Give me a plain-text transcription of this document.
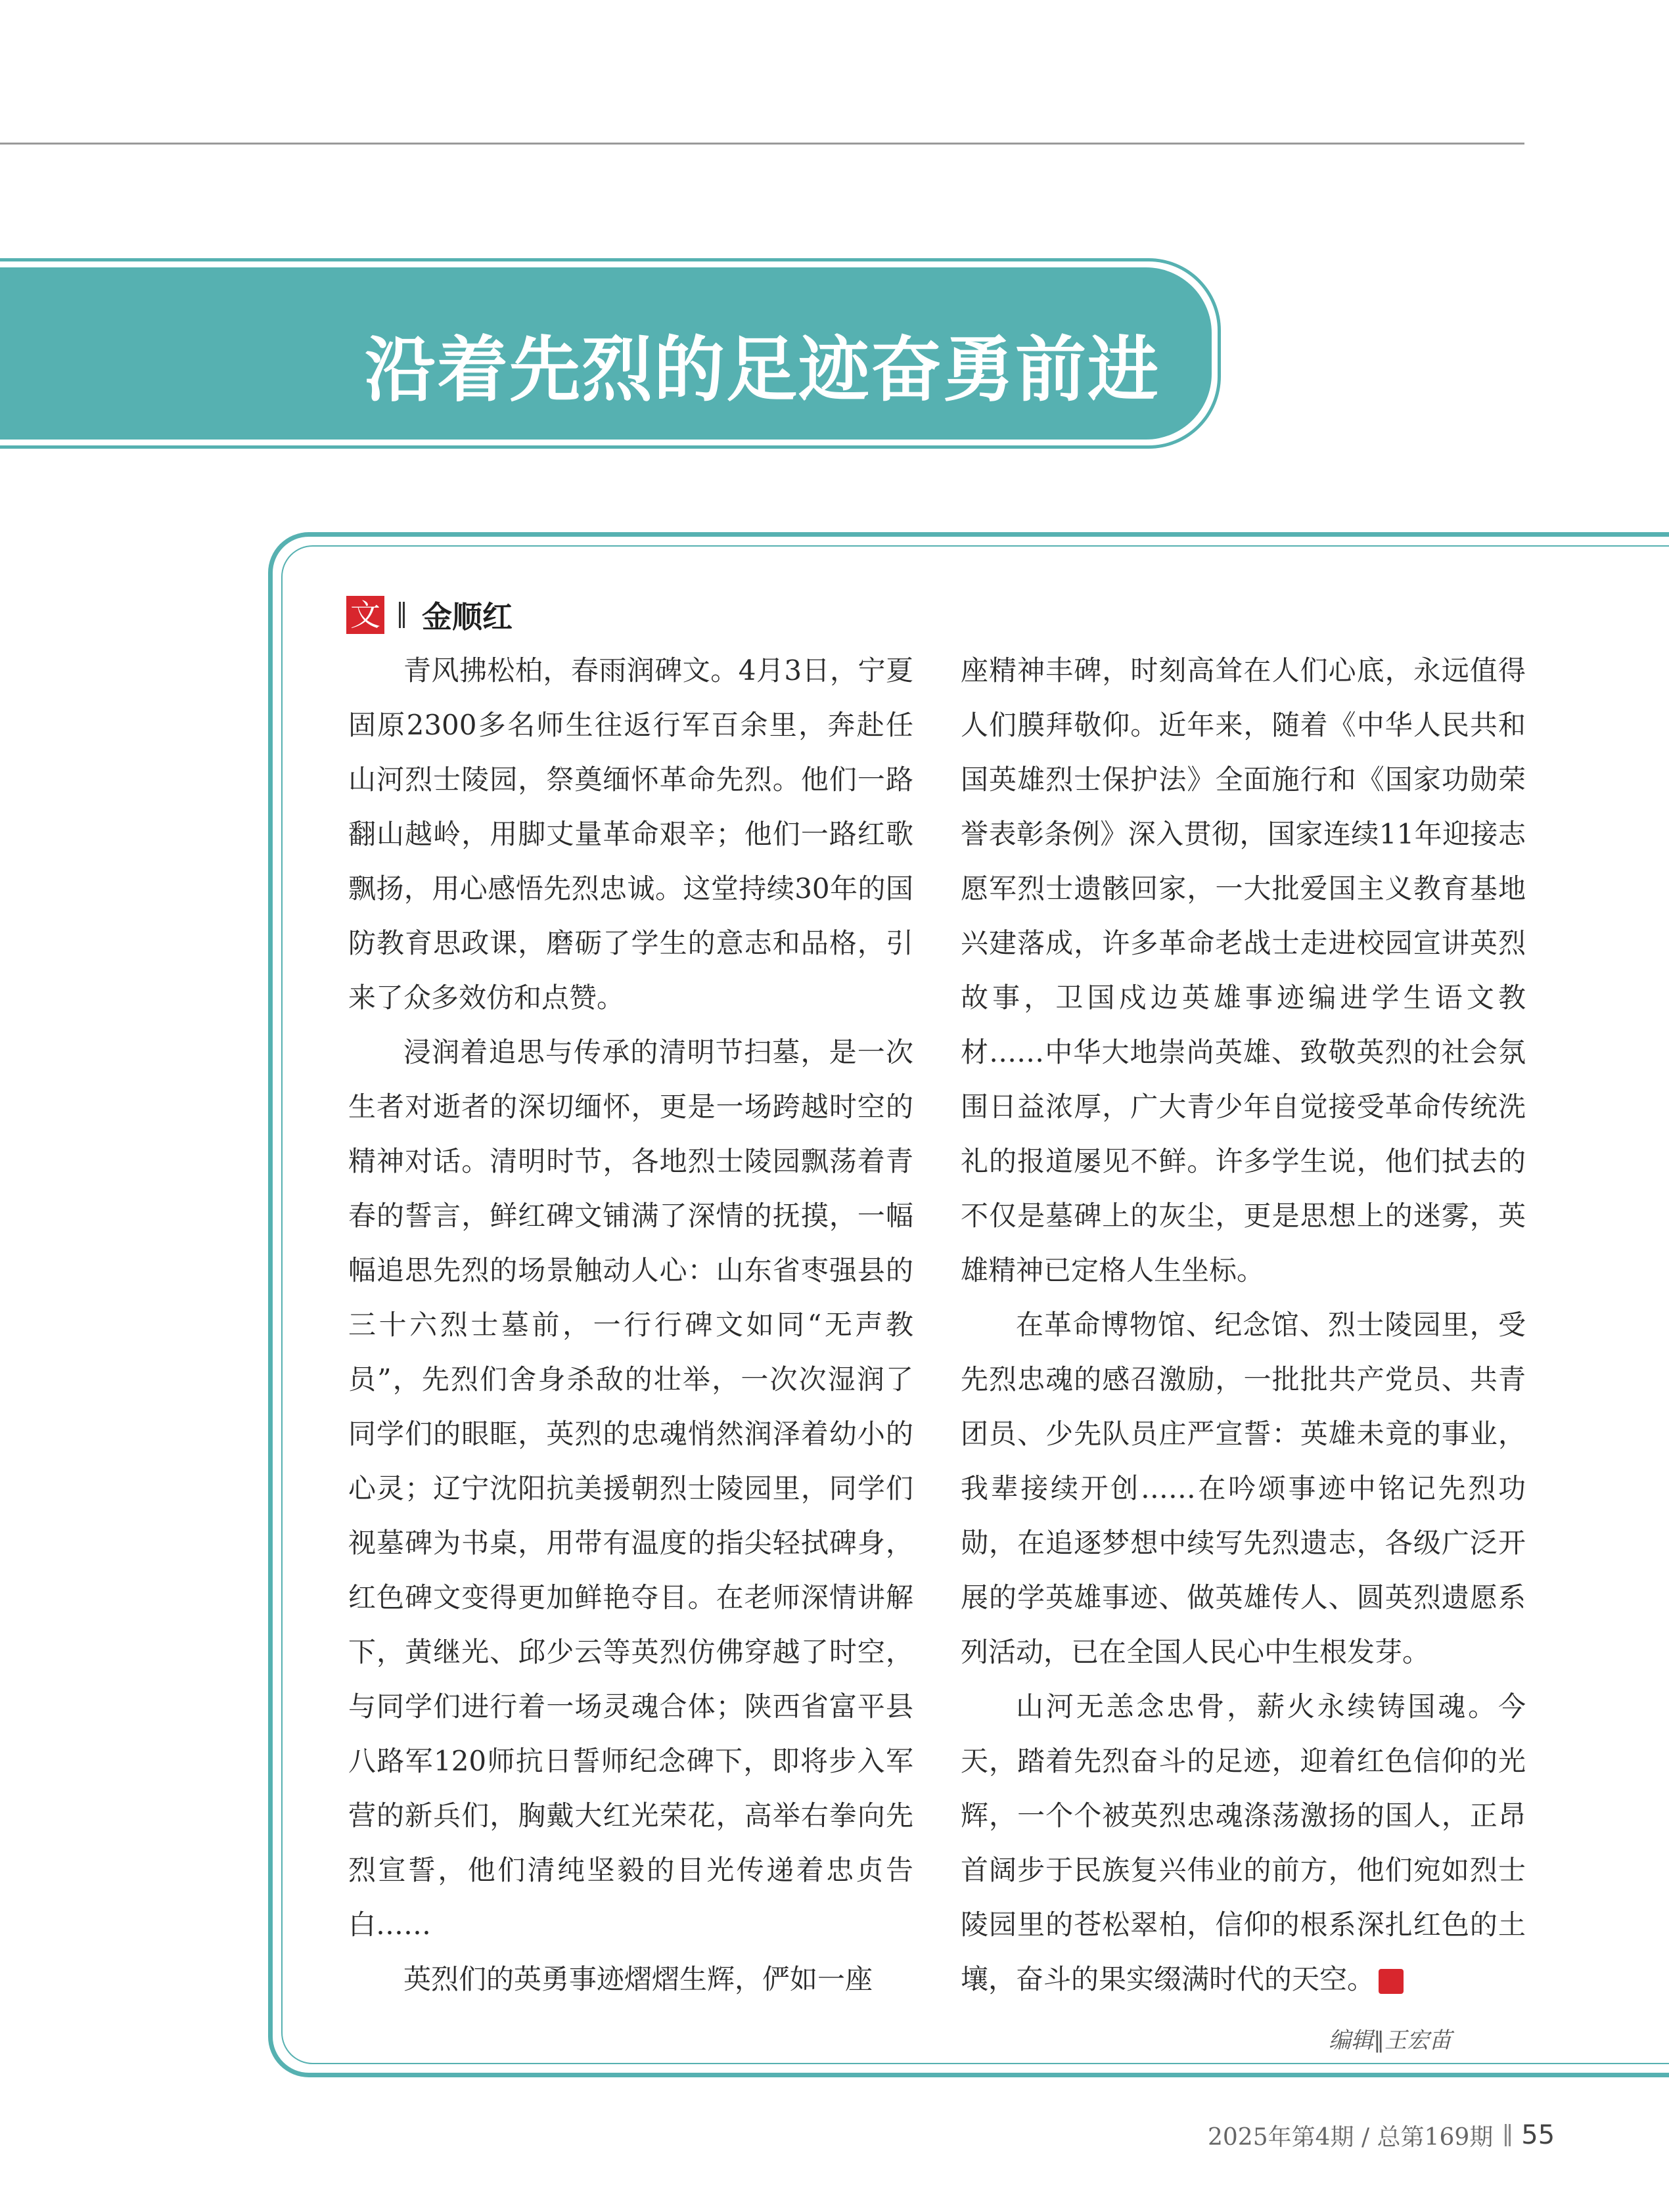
沿着先烈的足迹奋勇前进
文 金顺红

青风拂松柏，春雨润碑文。4月3日，宁夏固原2300多名师生往返行军百余里，奔赴任山河烈士陵园，祭奠缅怀革命先烈。他们一路翻山越岭，用脚丈量革命艰辛；他们一路红歌飘扬，用心感悟先烈忠诚。这堂持续30年的国防教育思政课，磨砺了学生的意志和品格，引来了众多效仿和点赞。

浸润着追思与传承的清明节扫墓，是一次生者对逝者的深切缅怀，更是一场跨越时空的精神对话。清明时节，各地烈士陵园飘荡着青春的誓言，鲜红碑文铺满了深情的抚摸，一幅幅追思先烈的场景触动人心：山东省枣强县的三十六烈士墓前，一行行碑文如同“无声教员”，先烈们舍身杀敌的壮举，一次次湿润了同学们的眼眶，英烈的忠魂悄然润泽着幼小的心灵；辽宁沈阳抗美援朝烈士陵园里，同学们视墓碑为书桌，用带有温度的指尖轻拭碑身，红色碑文变得更加鲜艳夺目。在老师深情讲解下，黄继光、邱少云等英烈仿佛穿越了时空，与同学们进行着一场灵魂合体；陕西省富平县八路军120师抗日誓师纪念碑下，即将步入军营的新兵们，胸戴大红光荣花，高举右拳向先烈宣誓，他们清纯坚毅的目光传递着忠贞告白……

英烈们的英勇事迹熠熠生辉，俨如一座

座精神丰碑，时刻高耸在人们心底，永远值得人们膜拜敬仰。近年来，随着《中华人民共和国英雄烈士保护法》全面施行和《国家功勋荣誉表彰条例》深入贯彻，国家连续11年迎接志愿军烈士遗骸回家，一大批爱国主义教育基地兴建落成，许多革命老战士走进校园宣讲英烈故事，卫国戍边英雄事迹编进学生语文教材……中华大地崇尚英雄、致敬英烈的社会氛围日益浓厚，广大青少年自觉接受革命传统洗礼的报道屡见不鲜。许多学生说，他们拭去的不仅是墓碑上的灰尘，更是思想上的迷雾，英雄精神已定格人生坐标。

在革命博物馆、纪念馆、烈士陵园里，受先烈忠魂的感召激励，一批批共产党员、共青团员、少先队员庄严宣誓：英雄未竟的事业，我辈接续开创……在吟颂事迹中铭记先烈功勋，在追逐梦想中续写先烈遗志，各级广泛开展的学英雄事迹、做英雄传人、圆英烈遗愿系列活动，已在全国人民心中生根发芽。

山河无恙念忠骨，薪火永续铸国魂。今天，踏着先烈奋斗的足迹，迎着红色信仰的光辉，一个个被英烈忠魂涤荡激扬的国人，正昂首阔步于民族复兴伟业的前方，他们宛如烈士陵园里的苍松翠柏，信仰的根系深扎红色的土壤，奋斗的果实缀满时代的天空。	G

编辑∥王宏苗
2025年第4期 / 总第169期 55
